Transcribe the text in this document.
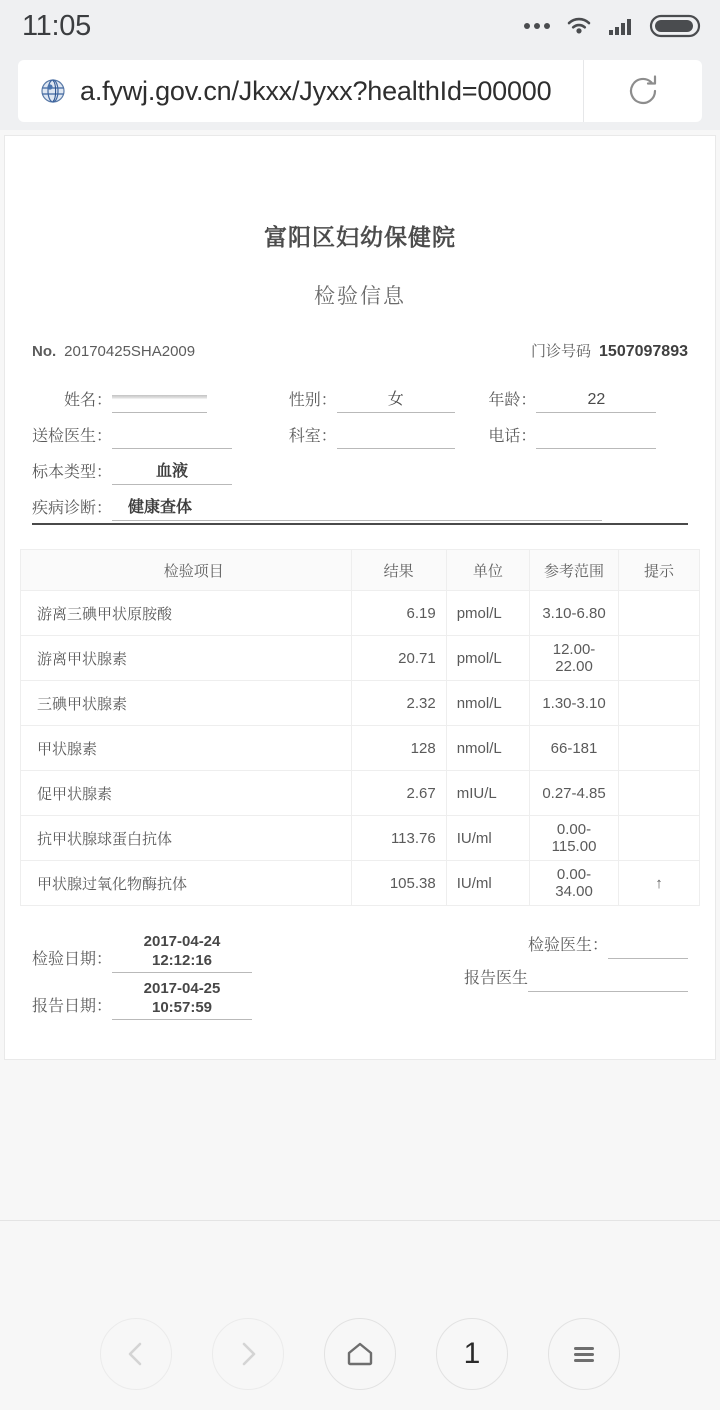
11:05
a.fywj.gov.cn/Jkxx/Jyxx?healthId=00000
富阳区妇幼保健院
检验信息
No. 20170425SHA2009	门诊号码 1507097893
姓名：	性别：	女	年龄：	22
送检医生：	科室：	电话：
标本类型：	血液
疾病诊断：	健康查体
检验项目	结果	单位	参考范围	提示
游离三碘甲状原胺酸	6.19	pmol/L	3.10-6.80	
游离甲状腺素	20.71	pmol/L	12.00-22.00	
三碘甲状腺素	2.32	nmol/L	1.30-3.10	
甲状腺素	128	nmol/L	66-181	
促甲状腺素	2.67	mIU/L	0.27-4.85	
抗甲状腺球蛋白抗体	113.76	IU/ml	0.00-115.00	
甲状腺过氧化物酶抗体	105.38	IU/ml	0.00-34.00	↑
检验日期：
2017-04-24
12:12:16
报告日期：
2017-04-25
10:57:59
检验医生：
报告医生
1
